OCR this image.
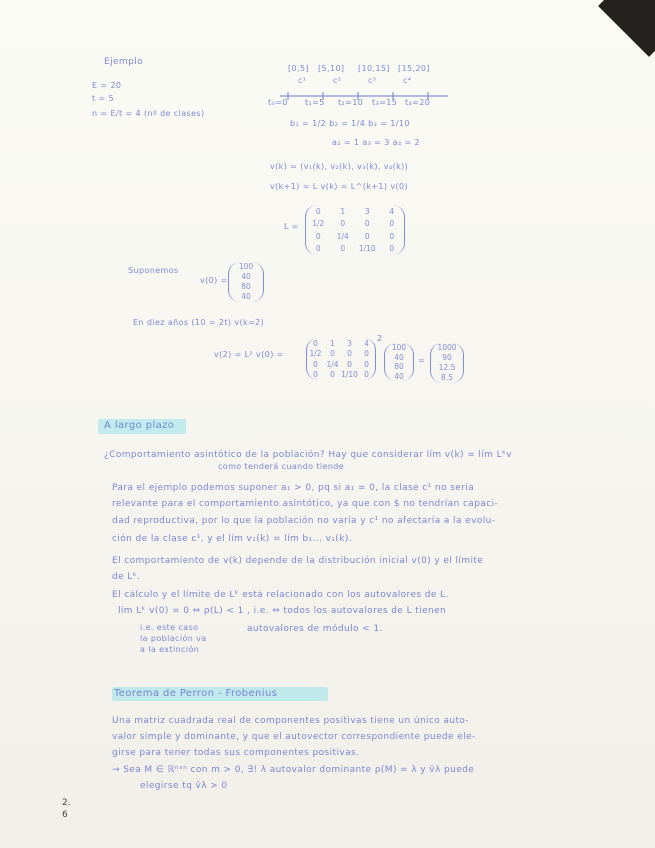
Ejemplo
E = 20
t = 5
n = E/t = 4 (nº de clases)
[0,5] [5,10] [10,15] [15,20]
c¹	c²	c³	c⁴
t₀=0 t₁=5 t₂=10 t₃=15 t₄=20
b₁ = 1/2 b₂ = 1/4 b₃ = 1/10
a₂ = 1 a₃ = 3 a₄ = 2
v(k) = (v₁(k), v₂(k), v₃(k), v₄(k))
v(k+1) = L v(k) = L^(k+1) v(0)
L =
0	1	3	4
1/2	0	0	0
0	1/4	0	0
0	0	1/10	0
Suponemos
v(0) =
100
40
80
40
En diez años (10 = 2t) v(k=2)
v(2) = L² v(0) =
0	1	3	4
1/2	0	0	0
0	1/4	0	0
0	0 1/10 0
2
100
40
80
40
=
1000
90
12.5
8.5
A largo plazo
¿Comportamiento asintótico de la población? Hay que considerar lím v(k) = lím Lᵏv
como tenderá cuando tiende
Para el ejemplo podemos suponer a₁ > 0, pq si a₁ = 0, la clase c¹ no sería
relevante para el comportamiento asintótico, ya que con $ no tendrían capaci-
dad reproductiva, por lo que la población no varía y c¹ no afectaría a la evolu-
ción de la clase c¹, y el lím v₁(k) = lím b₁... v₁(k).
El comportamiento de v(k) depende de la distribución inicial v(0) y el límite
de Lᵏ.
El cálculo y el límite de Lᵏ está relacionado con los autovalores de L.
lím Lᵏ v(0) = 0 ⇔ ρ(L) < 1 , i.e. ⇔ todos los autovalores de L tienen
autovalores de módulo < 1.
i.e. este caso
la población va
a la extinción
Teorema de Perron - Frobenius
Una matriz cuadrada real de componentes positivas tiene un único auto-
valor simple y dominante, y que el autovector correspondiente puede ele-
girse para tener todas sus componentes positivas.
→ Sea M ∈ ℝⁿˣⁿ con m > 0, ∃! λ autovalor dominante ρ(M) = λ y v̄λ puede
elegirse tq v̄λ > 0
2.
6
